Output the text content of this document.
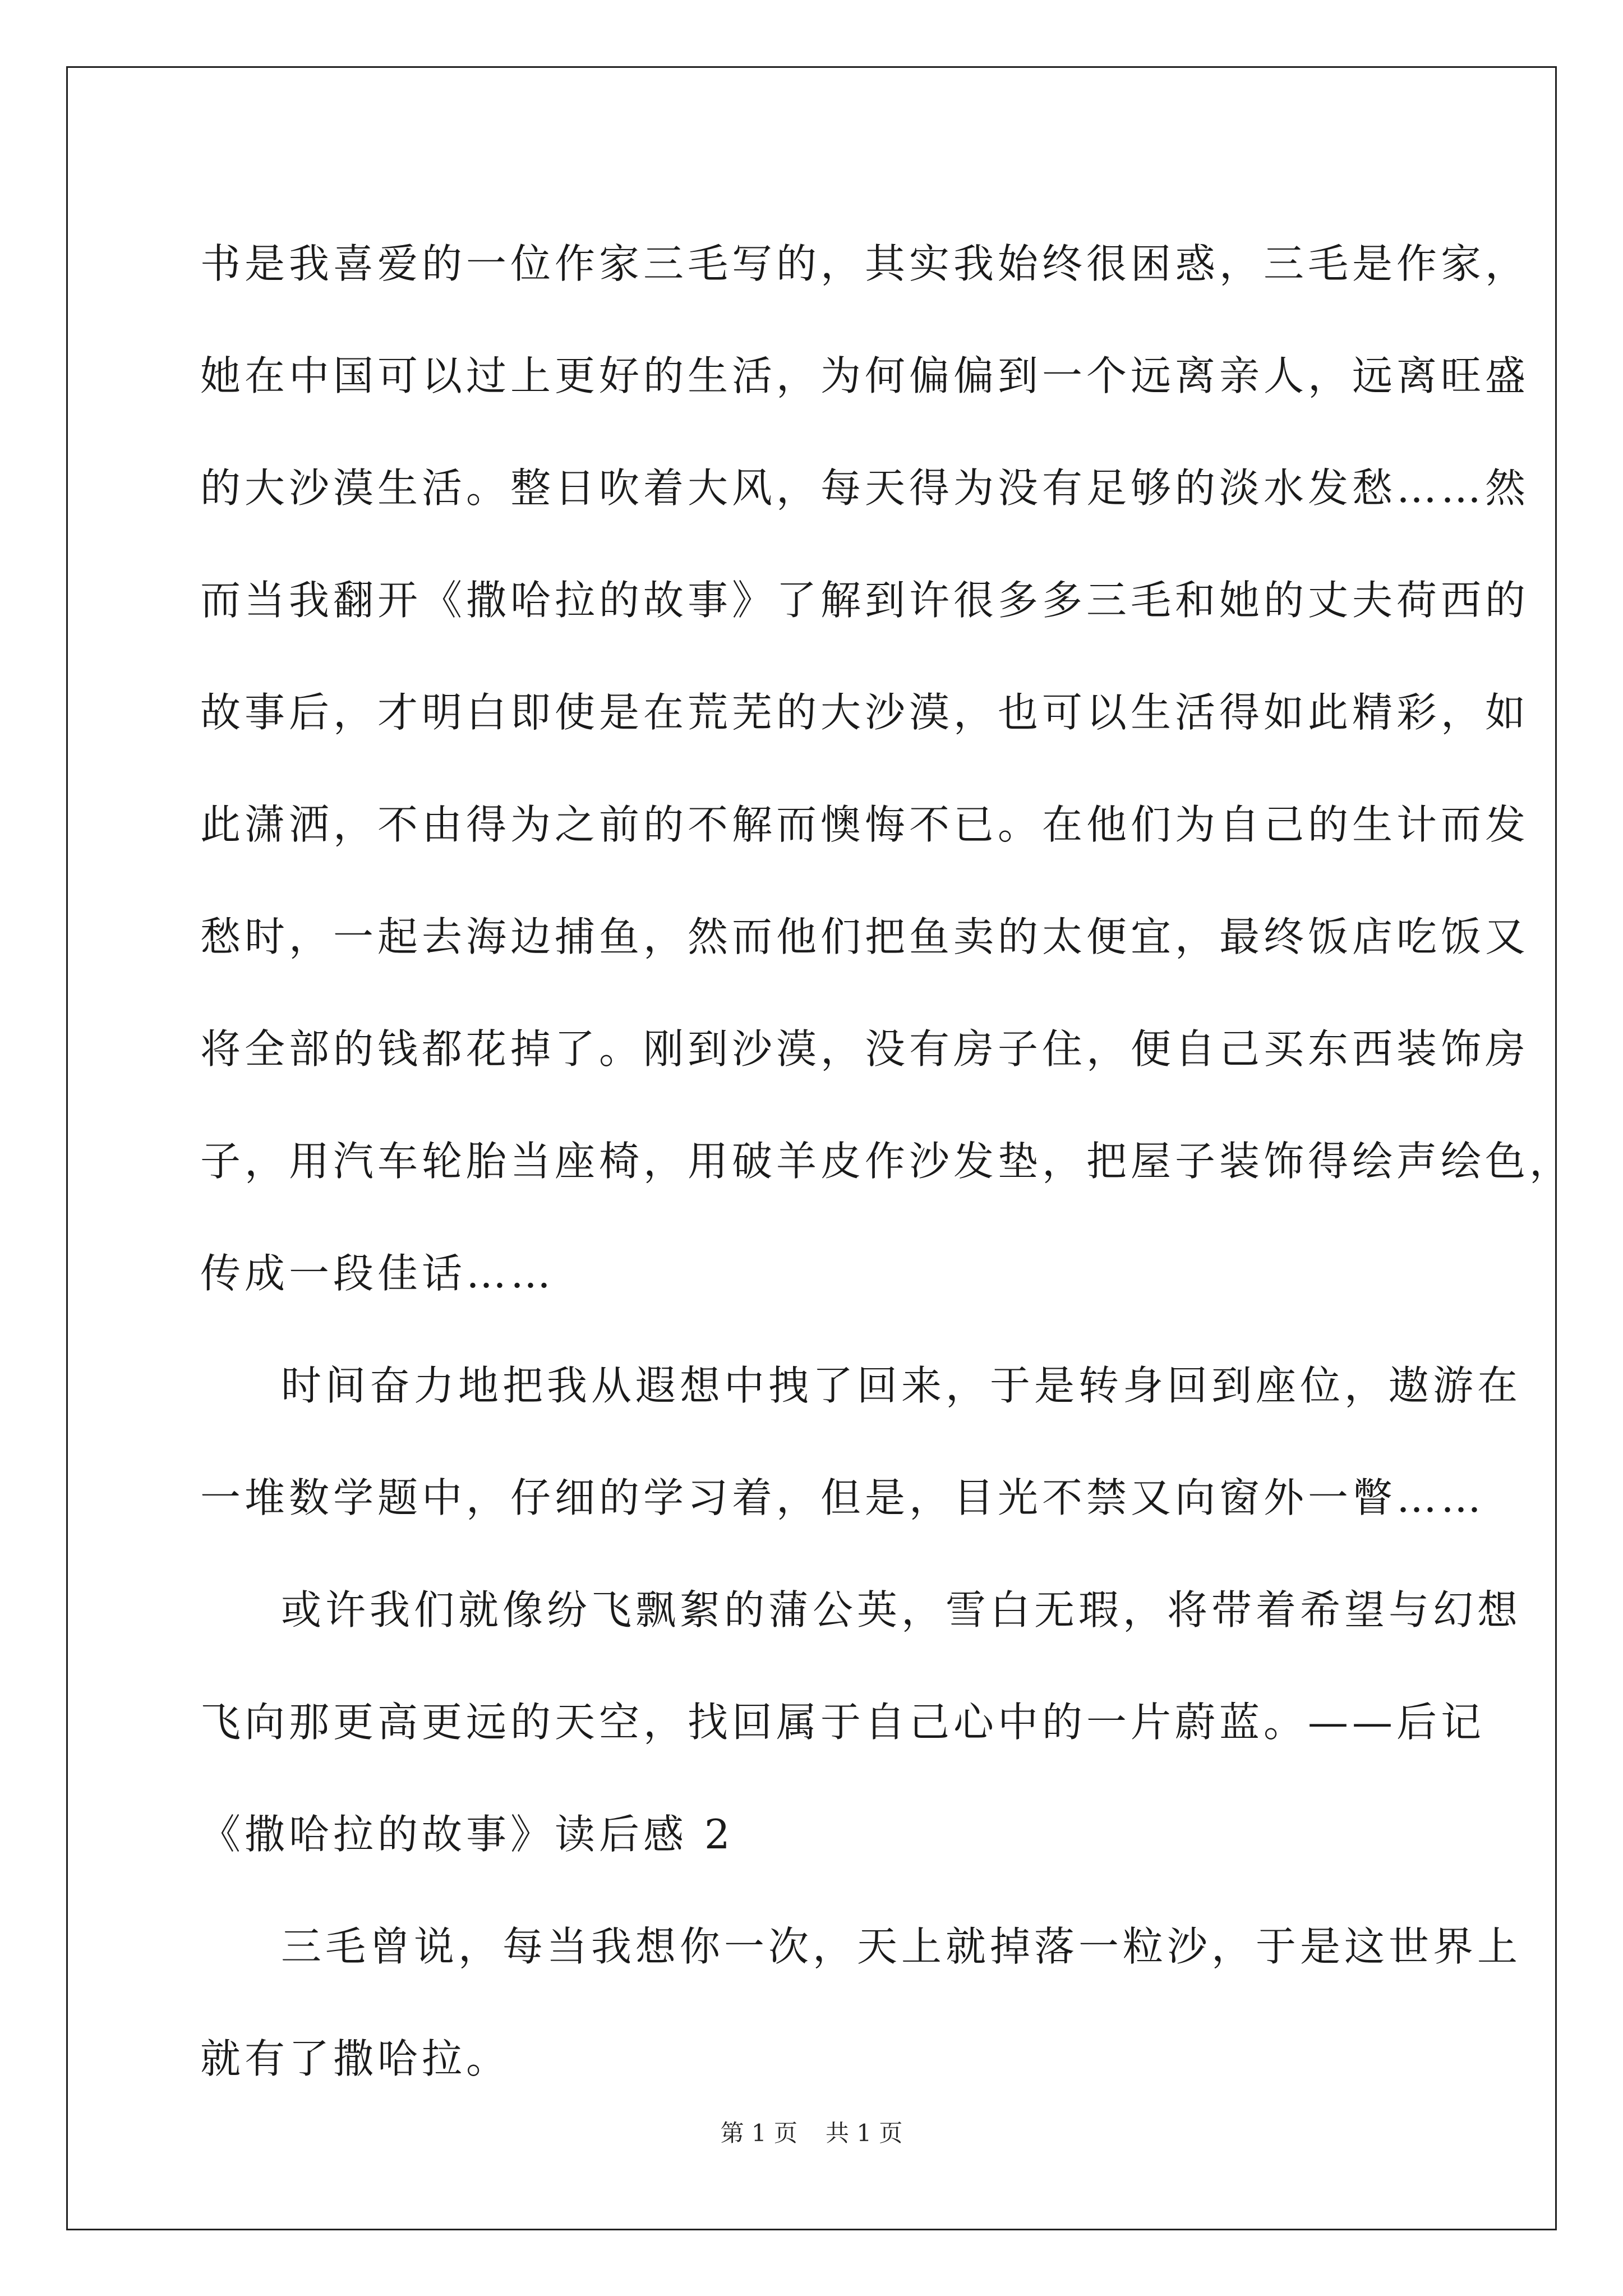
书是我喜爱的一位作家三毛写的，其实我始终很困惑，三毛是作家，
她在中国可以过上更好的生活，为何偏偏到一个远离亲人，远离旺盛
的大沙漠生活。整日吹着大风，每天得为没有足够的淡水发愁……然
而当我翻开《撒哈拉的故事》了解到许很多多三毛和她的丈夫荷西的
故事后，才明白即使是在荒芜的大沙漠，也可以生活得如此精彩，如
此潇洒，不由得为之前的不解而懊悔不已。在他们为自己的生计而发
愁时，一起去海边捕鱼，然而他们把鱼卖的太便宜，最终饭店吃饭又
将全部的钱都花掉了。刚到沙漠，没有房子住，便自己买东西装饰房
子，用汽车轮胎当座椅，用破羊皮作沙发垫，把屋子装饰得绘声绘色，
传成一段佳话……
时间奋力地把我从遐想中拽了回来，于是转身回到座位，遨游在
一堆数学题中，仔细的学习着，但是，目光不禁又向窗外一瞥……
或许我们就像纷飞飘絮的蒲公英，雪白无瑕，将带着希望与幻想
飞向那更高更远的天空，找回属于自己心中的一片蔚蓝。——后记
《撒哈拉的故事》读后感 2
三毛曾说，每当我想你一次，天上就掉落一粒沙，于是这世界上
就有了撒哈拉。
第 1 页 共 1 页
